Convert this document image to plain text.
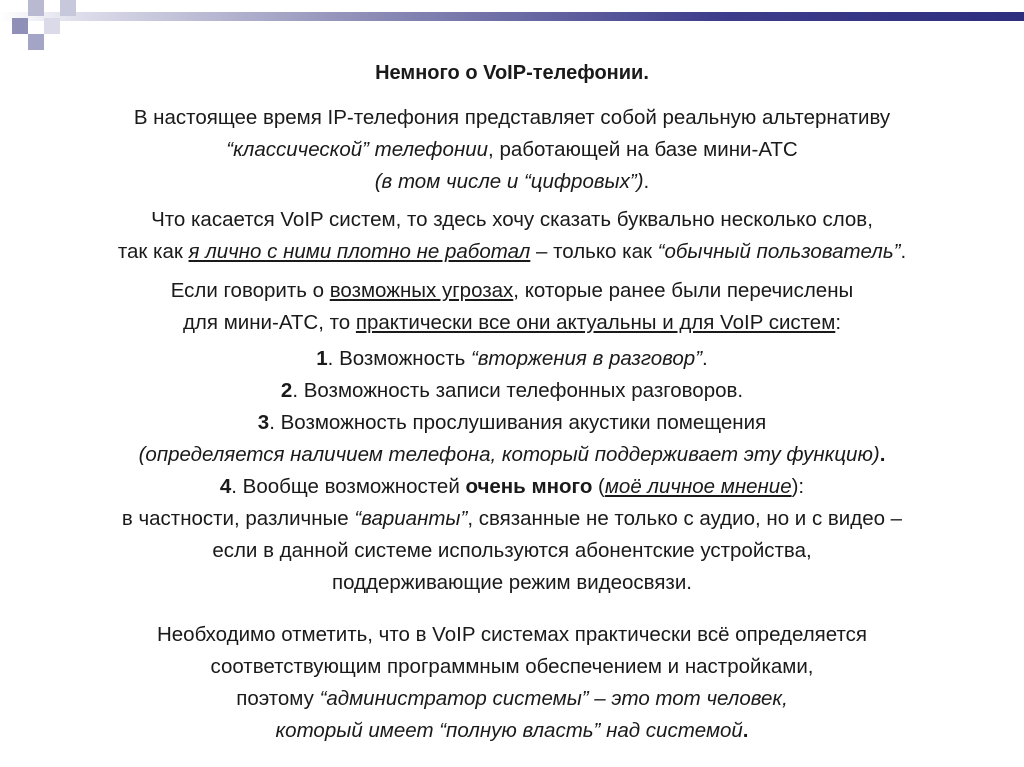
Немного о VoIP-телефонии.
В настоящее время IP-телефония представляет собой реальную альтернативу
“классической” телефонии, работающей на базе мини-АТС
(в том числе и “цифровых”).
Что касается VoIP систем, то здесь хочу сказать буквально несколько слов,
так как я лично с ними плотно не работал – только как “обычный пользователь”.
Если говорить о возможных угрозах, которые ранее были перечислены
для мини-АТС, то практически все они актуальны и для VoIP систем:
1. Возможность “вторжения в разговор”.
2. Возможность записи телефонных разговоров.
3. Возможность прослушивания акустики помещения
(определяется наличием телефона, который поддерживает эту функцию).
4. Вообще возможностей очень много (моё личное мнение):
в частности, различные “варианты”, связанные не только с аудио, но и с видео –
если в данной системе используются абонентские устройства,
поддерживающие режим видеосвязи.
Необходимо отметить, что в VoIP системах практически всё определяется
соответствующим программным обеспечением и настройками,
поэтому “администратор системы” – это тот человек,
который имеет “полную власть” над системой.
